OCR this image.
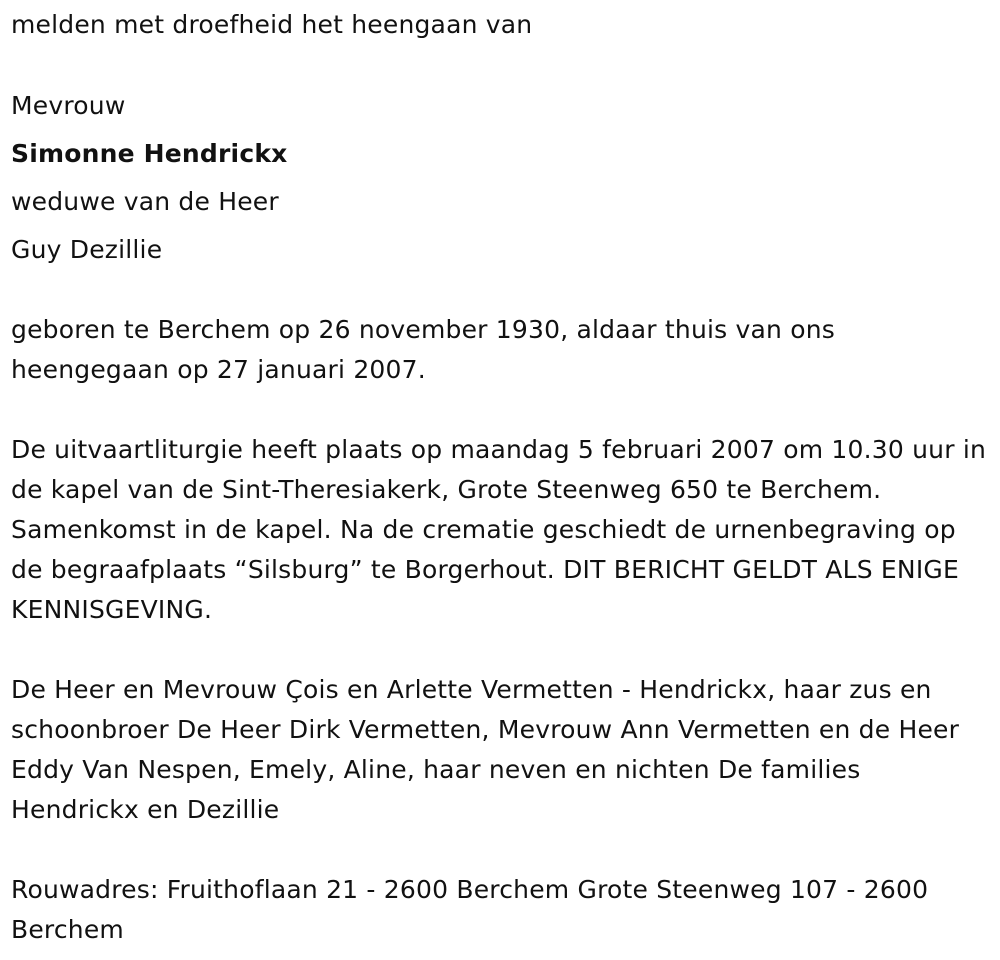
melden met droefheid het heengaan van
Mevrouw
Simonne Hendrickx
weduwe van de Heer
Guy Dezillie
geboren te Berchem op 26 november 1930, aldaar thuis van ons heengegaan op 27 januari 2007.
De uitvaartliturgie heeft plaats op maandag 5 februari 2007 om 10.30 uur in de kapel van de Sint-Theresiakerk, Grote Steenweg 650 te Berchem. Samenkomst in de kapel. Na de crematie geschiedt de urnenbegraving op de begraafplaats “Silsburg” te Borgerhout. DIT BERICHT GELDT ALS ENIGE KENNISGEVING.
De Heer en Mevrouw Çois en Arlette Vermetten - Hendrickx, haar zus en schoonbroer De Heer Dirk Vermetten, Mevrouw Ann Vermetten en de Heer Eddy Van Nespen, Emely, Aline, haar neven en nichten De families Hendrickx en Dezillie
Rouwadres: Fruithoflaan 21 - 2600 Berchem Grote Steenweg 107 - 2600 Berchem
